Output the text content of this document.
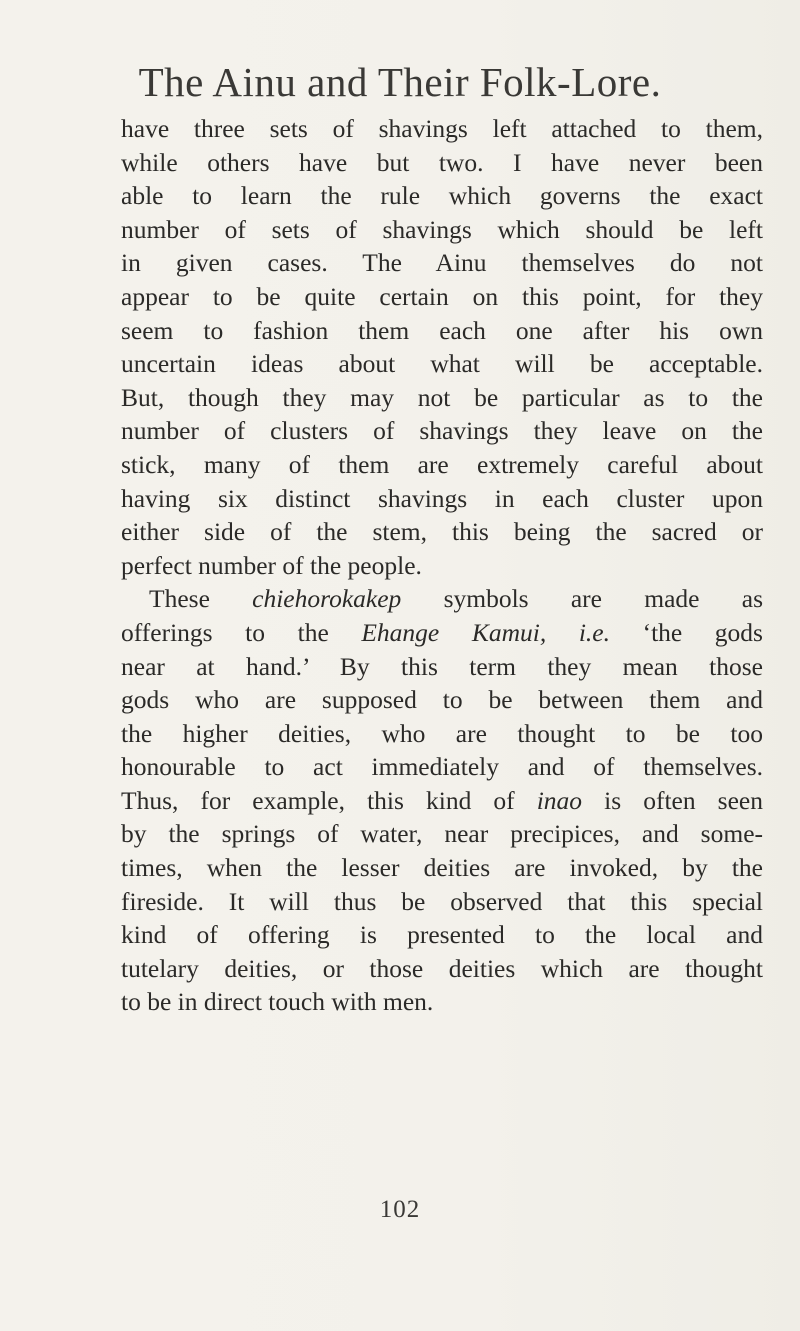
The Ainu and Their Folk-Lore.
have three sets of shavings left attached to them,
while others have but two. I have never been
able to learn the rule which governs the exact
number of sets of shavings which should be left
in given cases. The Ainu themselves do not
appear to be quite certain on this point, for they
seem to fashion them each one after his own
uncertain ideas about what will be acceptable.
But, though they may not be particular as to the
number of clusters of shavings they leave on the
stick, many of them are extremely careful about
having six distinct shavings in each cluster upon
either side of the stem, this being the sacred or
perfect number of the people.
These chiehorokakep symbols are made as
offerings to the Ehange Kamui, i.e. ‘the gods
near at hand.’ By this term they mean those
gods who are supposed to be between them and
the higher deities, who are thought to be too
honourable to act immediately and of themselves.
Thus, for example, this kind of inao is often seen
by the springs of water, near precipices, and some-
times, when the lesser deities are invoked, by the
fireside. It will thus be observed that this special
kind of offering is presented to the local and
tutelary deities, or those deities which are thought
to be in direct touch with men.
102
